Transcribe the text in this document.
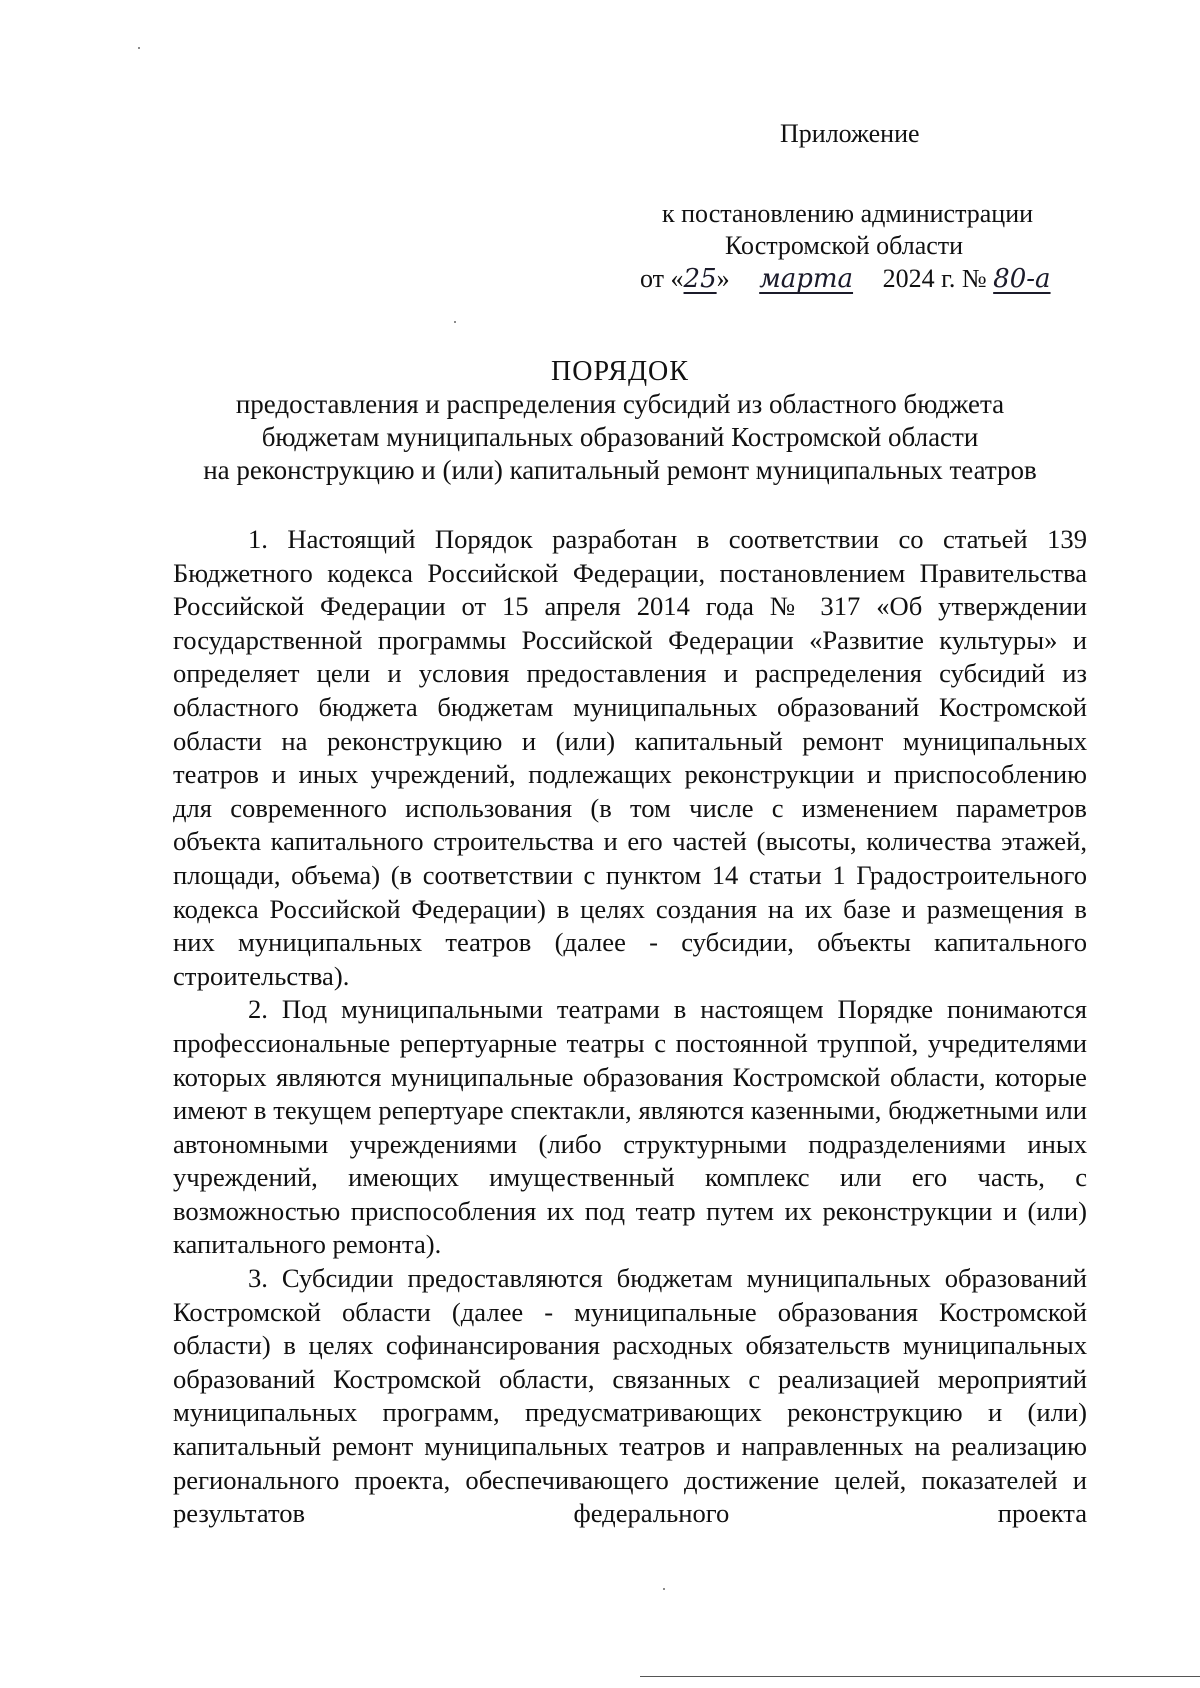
Приложение
к постановлению администрации
Костромской области
от «25» марта 2024 г. № 80-а
ПОРЯДОК
предоставления и распределения субсидий из областного бюджета
бюджетам муниципальных образований Костромской области
на реконструкцию и (или) капитальный ремонт муниципальных театров

1. Настоящий Порядок разработан в соответствии со статьей 139 Бюджетного кодекса Российской Федерации, постановлением Правительства Российской Федерации от 15 апреля 2014 года № 317 «Об утверждении государственной программы Российской Федерации «Развитие культуры» и определяет цели и условия предоставления и распределения субсидий из областного бюджета бюджетам муниципальных образований Костромской области на реконструкцию и (или) капитальный ремонт муниципальных театров и иных учреждений, подлежащих реконструкции и приспособлению для современного использования (в том числе с изменением параметров объекта капитального строительства и его частей (высоты, количества этажей, площади, объема) (в соответствии с пунктом 14 статьи 1 Градостроительного кодекса Российской Федерации) в целях создания на их базе и размещения в них муниципальных театров (далее - субсидии, объекты капитального строительства).

2. Под муниципальными театрами в настоящем Порядке понимаются профессиональные репертуарные театры с постоянной труппой, учредителями которых являются муниципальные образования Костромской области, которые имеют в текущем репертуаре спектакли, являются казенными, бюджетными или автономными учреждениями (либо структурными подразделениями иных учреждений, имеющих имущественный комплекс или его часть, с возможностью приспособления их под театр путем их реконструкции и (или) капитального ремонта).

3. Субсидии предоставляются бюджетам муниципальных образований Костромской области (далее - муниципальные образования Костромской области) в целях софинансирования расходных обязательств муниципальных образований Костромской области, связанных с реализацией мероприятий муниципальных программ, предусматривающих реконструкцию и (или) капитальный ремонт муниципальных театров и направленных на реализацию регионального проекта, обеспечивающего достижение целей, показателей и результатов федерального проекта
